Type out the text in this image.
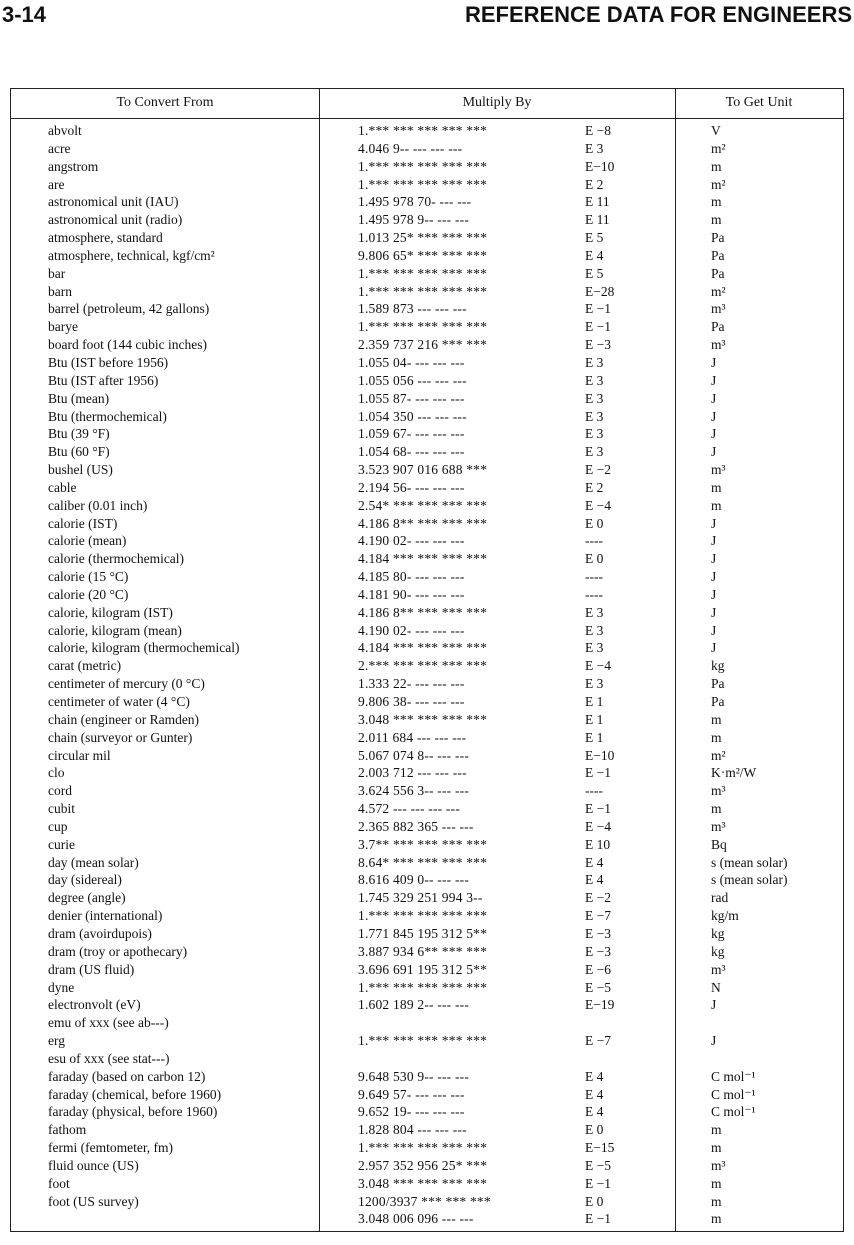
3-14	REFERENCE DATA FOR ENGINEERS
To Convert From	Multiply By	To Get Unit
abvolt	1.*** *** *** *** ***	E −8	V
acre	4.046 9-- --- --- ---	E 3	m²
angstrom	1.*** *** *** *** ***	E−10	m
are	1.*** *** *** *** ***	E 2	m²
astronomical unit (IAU)	1.495 978 70- --- ---	E 11	m
astronomical unit (radio)	1.495 978 9-- --- ---	E 11	m
atmosphere, standard	1.013 25* *** *** ***	E 5	Pa
atmosphere, technical, kgf/cm²	9.806 65* *** *** ***	E 4	Pa
bar	1.*** *** *** *** ***	E 5	Pa
barn	1.*** *** *** *** ***	E−28	m²
barrel (petroleum, 42 gallons)	1.589 873 --- --- ---	E −1	m³
barye	1.*** *** *** *** ***	E −1	Pa
board foot (144 cubic inches)	2.359 737 216 *** ***	E −3	m³
Btu (IST before 1956)	1.055 04- --- --- ---	E 3	J
Btu (IST after 1956)	1.055 056 --- --- ---	E 3	J
Btu (mean)	1.055 87- --- --- ---	E 3	J
Btu (thermochemical)	1.054 350 --- --- ---	E 3	J
Btu (39 °F)	1.059 67- --- --- ---	E 3	J
Btu (60 °F)	1.054 68- --- --- ---	E 3	J
bushel (US)	3.523 907 016 688 ***	E −2	m³
cable	2.194 56- --- --- ---	E 2	m
caliber (0.01 inch)	2.54* *** *** *** ***	E −4	m
calorie (IST)	4.186 8** *** *** ***	E 0	J
calorie (mean)	4.190 02- --- --- ---	----	J
calorie (thermochemical)	4.184 *** *** *** ***	E 0	J
calorie (15 °C)	4.185 80- --- --- ---	----	J
calorie (20 °C)	4.181 90- --- --- ---	----	J
calorie, kilogram (IST)	4.186 8** *** *** ***	E 3	J
calorie, kilogram (mean)	4.190 02- --- --- ---	E 3	J
calorie, kilogram (thermochemical)	4.184 *** *** *** ***	E 3	J
carat (metric)	2.*** *** *** *** ***	E −4	kg
centimeter of mercury (0 °C)	1.333 22- --- --- ---	E 3	Pa
centimeter of water (4 °C)	9.806 38- --- --- ---	E 1	Pa
chain (engineer or Ramden)	3.048 *** *** *** ***	E 1	m
chain (surveyor or Gunter)	2.011 684 --- --- ---	E 1	m
circular mil	5.067 074 8-- --- ---	E−10	m²
clo	2.003 712 --- --- ---	E −1	K·m²/W
cord	3.624 556 3-- --- ---	----	m³
cubit	4.572 --- --- --- ---	E −1	m
cup	2.365 882 365 --- ---	E −4	m³
curie	3.7** *** *** *** ***	E 10	Bq
day (mean solar)	8.64* *** *** *** ***	E 4	s (mean solar)
day (sidereal)	8.616 409 0-- --- ---	E 4	s (mean solar)
degree (angle)	1.745 329 251 994 3--	E −2	rad
denier (international)	1.*** *** *** *** ***	E −7	kg/m
dram (avoirdupois)	1.771 845 195 312 5**	E −3	kg
dram (troy or apothecary)	3.887 934 6** *** ***	E −3	kg
dram (US fluid)	3.696 691 195 312 5**	E −6	m³
dyne	1.*** *** *** *** ***	E −5	N
electronvolt (eV)	1.602 189 2-- --- ---	E−19	J
emu of xxx (see ab---)
erg	1.*** *** *** *** ***	E −7	J
esu of xxx (see stat---)
faraday (based on carbon 12)	9.648 530 9-- --- ---	E 4	C mol⁻¹
faraday (chemical, before 1960)	9.649 57- --- --- ---	E 4	C mol⁻¹
faraday (physical, before 1960)	9.652 19- --- --- ---	E 4	C mol⁻¹
fathom	1.828 804 --- --- ---	E 0	m
fermi (femtometer, fm)	1.*** *** *** *** ***	E−15	m
fluid ounce (US)	2.957 352 956 25* ***	E −5	m³
foot	3.048 *** *** *** ***	E −1	m
foot (US survey)	1200/3937 *** *** ***	E 0	m
3.048 006 096 --- ---	E −1	m
